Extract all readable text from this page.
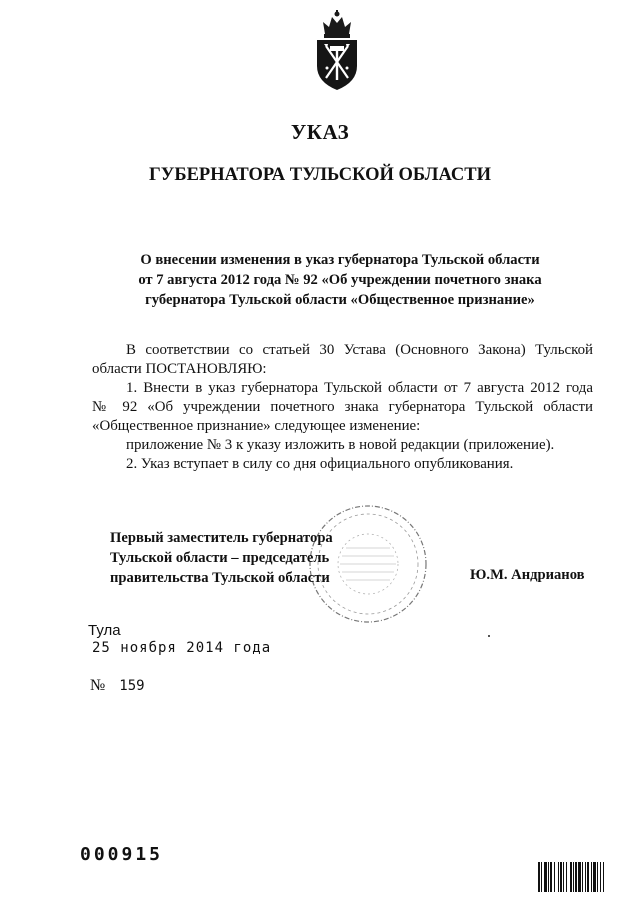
УКАЗ
ГУБЕРНАТОРА ТУЛЬСКОЙ ОБЛАСТИ
О внесении изменения в указ губернатора Тульской области
от 7 августа 2012 года № 92 «Об учреждении почетного знака
губернатора Тульской области «Общественное признание»
В соответствии со статьей 30 Устава (Основного Закона) Тульской
области ПОСТАНОВЛЯЮ:
1. Внести в указ губернатора Тульской области от 7 августа 2012 года
№ 92 «Об учреждении почетного знака губернатора Тульской области
«Общественное признание» следующее изменение:
приложение № 3 к указу изложить в новой редакции (приложение).
2. Указ вступает в силу со дня официального опубликования.
Первый заместитель губернатора
Тульской области – председатель
правительства Тульской области	Ю.М. Андрианов
Тула
25 ноября 2014 года
№ 159
000915
